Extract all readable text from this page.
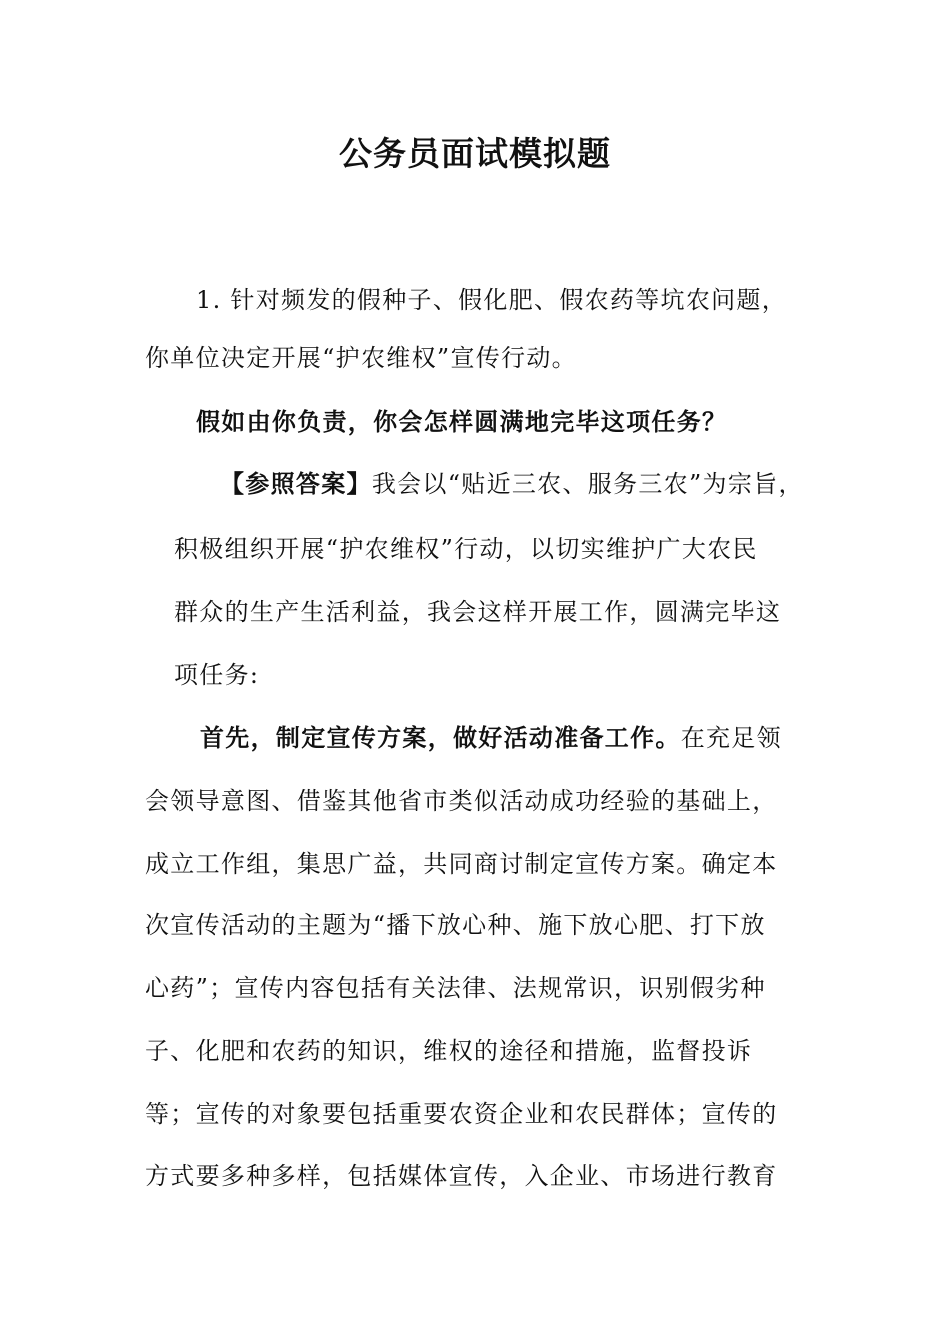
公务员面试模拟题

1. 针对频发的假种子、假化肥、假农药等坑农问题，

你单位决定开展“护农维权”宣传行动。

假如由你负责，你会怎样圆满地完毕这项任务？

【参照答案】我会以“贴近三农、服务三农”为宗旨，

积极组织开展“护农维权”行动，以切实维护广大农民

群众的生产生活利益，我会这样开展工作，圆满完毕这

项任务:

首先，制定宣传方案，做好活动准备工作。在充足领

会领导意图、借鉴其他省市类似活动成功经验的基础上，

成立工作组，集思广益，共同商讨制定宣传方案。确定本

次宣传活动的主题为“播下放心种、施下放心肥、打下放

心药”；宣传内容包括有关法律、法规常识，识别假劣种

子、化肥和农药的知识，维权的途径和措施，监督投诉

等；宣传的对象要包括重要农资企业和农民群体；宣传的

方式要多种多样，包括媒体宣传，入企业、市场进行教育
